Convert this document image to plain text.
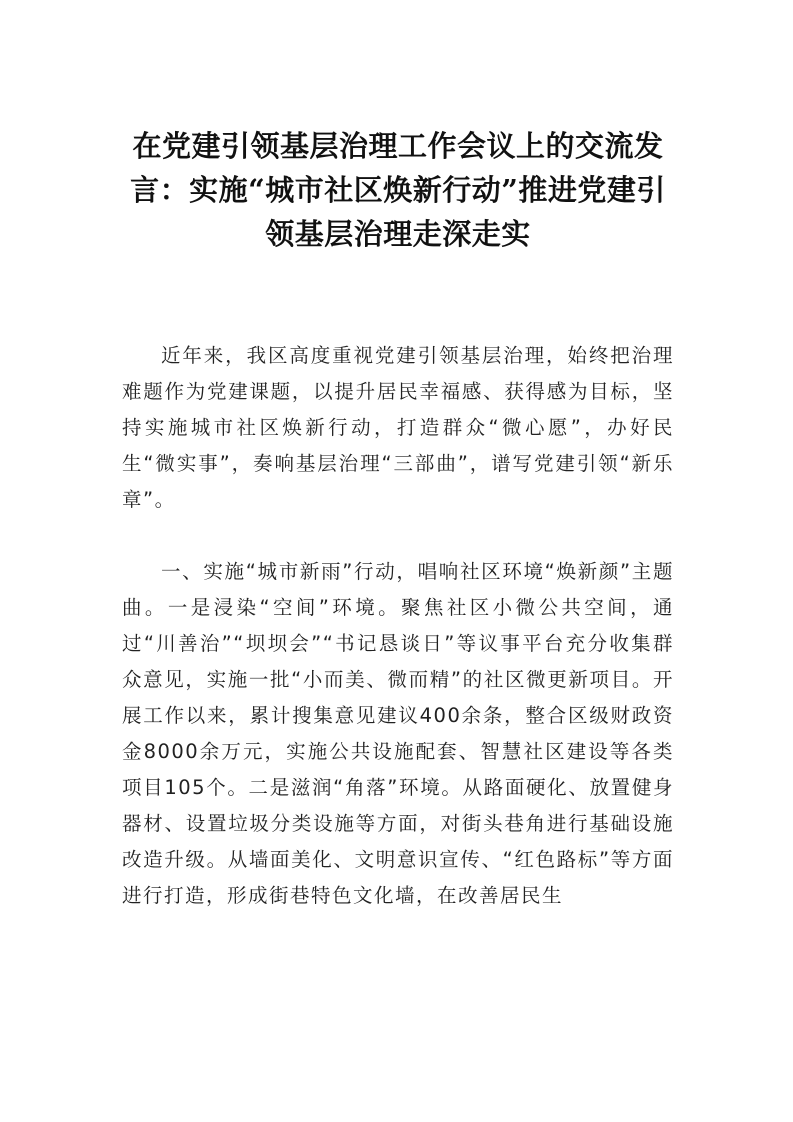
在党建引领基层治理工作会议上的交流发言：实施“城市社区焕新行动”推进党建引领基层治理走深走实

近年来，我区高度重视党建引领基层治理，始终把治理难题作为党建课题，以提升居民幸福感、获得感为目标，坚持实施城市社区焕新行动，打造群众“微心愿”，办好民生“微实事”，奏响基层治理“三部曲”，谱写党建引领“新乐章”。

一、实施“城市新雨”行动，唱响社区环境“焕新颜”主题曲。一是浸染“空间”环境。聚焦社区小微公共空间，通过“川善治”“坝坝会”“书记恳谈日”等议事平台充分收集群众意见，实施一批“小而美、微而精”的社区微更新项目。开展工作以来，累计搜集意见建议400余条，整合区级财政资金8000余万元，实施公共设施配套、智慧社区建设等各类项目105个。二是滋润“角落”环境。从路面硬化、放置健身器材、设置垃圾分类设施等方面，对街头巷角进行基础设施改造升级。从墙面美化、文明意识宣传、“红色路标”等方面进行打造，形成街巷特色文化墙，在改善居民生
